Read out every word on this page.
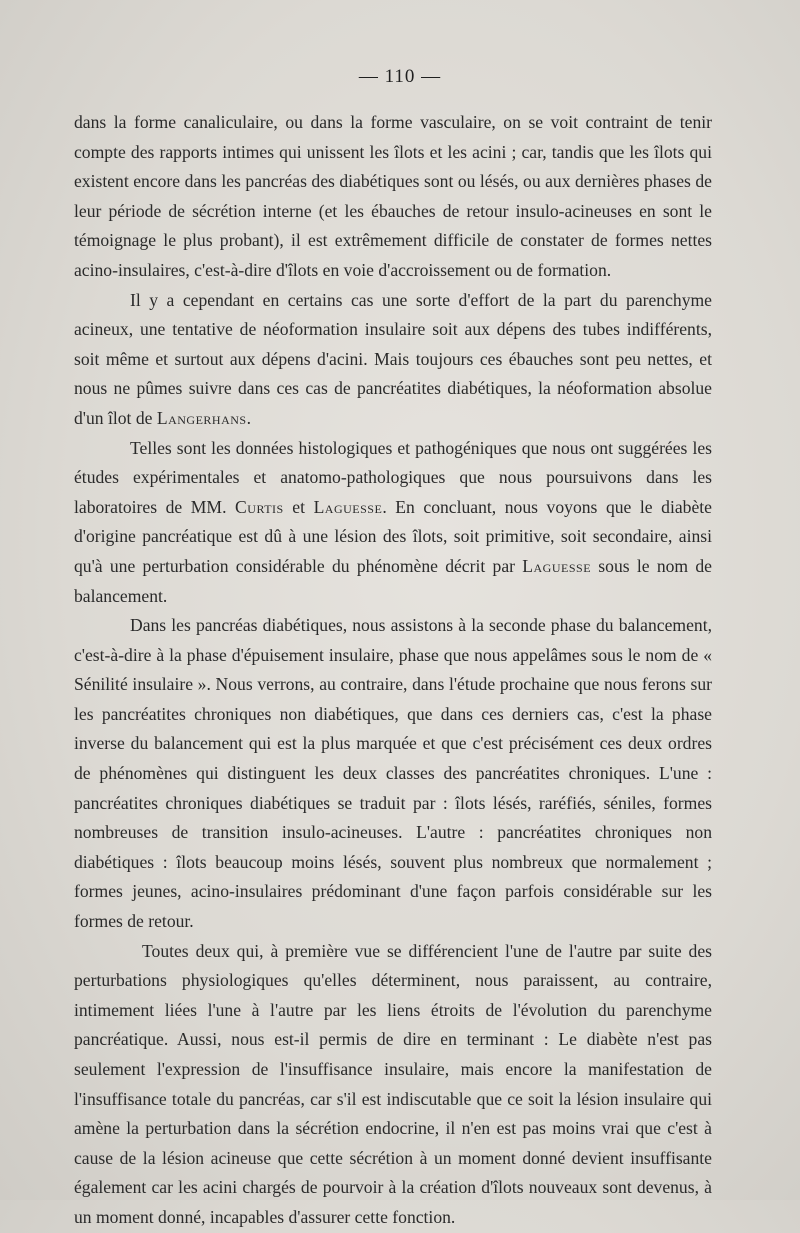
— 110 —

dans la forme canaliculaire, ou dans la forme vasculaire, on se voit contraint de tenir compte des rapports intimes qui unissent les îlots et les acini ; car, tandis que les îlots qui existent encore dans les pancréas des diabétiques sont ou lésés, ou aux dernières phases de leur période de sécrétion interne (et les ébauches de retour insulo-acineuses en sont le témoignage le plus probant), il est extrêmement difficile de constater de formes nettes acino-insulaires, c'est-à-dire d'îlots en voie d'accroissement ou de formation.

Il y a cependant en certains cas une sorte d'effort de la part du parenchyme acineux, une tentative de néoformation insulaire soit aux dépens des tubes indifférents, soit même et surtout aux dépens d'acini. Mais toujours ces ébauches sont peu nettes, et nous ne pûmes suivre dans ces cas de pancréatites diabétiques, la néoformation absolue d'un îlot de Langerhans.

Telles sont les données histologiques et pathogéniques que nous ont suggérées les études expérimentales et anatomo-pathologiques que nous poursuivons dans les laboratoires de MM. Curtis et Laguesse. En concluant, nous voyons que le diabète d'origine pancréatique est dû à une lésion des îlots, soit primitive, soit secondaire, ainsi qu'à une perturbation considérable du phénomène décrit par Laguesse sous le nom de balancement.

Dans les pancréas diabétiques, nous assistons à la seconde phase du balancement, c'est-à-dire à la phase d'épuisement insulaire, phase que nous appelâmes sous le nom de « Sénilité insulaire ». Nous verrons, au contraire, dans l'étude prochaine que nous ferons sur les pancréatites chroniques non diabétiques, que dans ces derniers cas, c'est la phase inverse du balancement qui est la plus marquée et que c'est précisément ces deux ordres de phénomènes qui distinguent les deux classes des pancréatites chroniques. L'une : pancréatites chroniques diabétiques se traduit par : îlots lésés, raréfiés, séniles, formes nombreuses de transition insulo-acineuses. L'autre : pancréatites chroniques non diabétiques : îlots beaucoup moins lésés, souvent plus nombreux que normalement ; formes jeunes, acino-insulaires prédominant d'une façon parfois considérable sur les formes de retour.

Toutes deux qui, à première vue se différencient l'une de l'autre par suite des perturbations physiologiques qu'elles déterminent, nous paraissent, au contraire, intimement liées l'une à l'autre par les liens étroits de l'évolution du parenchyme pancréatique. Aussi, nous est-il permis de dire en terminant : Le diabète n'est pas seulement l'expression de l'insuffisance insulaire, mais encore la manifestation de l'insuffisance totale du pancréas, car s'il est indiscutable que ce soit la lésion insulaire qui amène la perturbation dans la sécrétion endocrine, il n'en est pas moins vrai que c'est à cause de la lésion acineuse que cette sécrétion à un moment donné devient insuffisante également car les acini chargés de pourvoir à la création d'îlots nouveaux sont devenus, à un moment donné, incapables d'assurer cette fonction.
